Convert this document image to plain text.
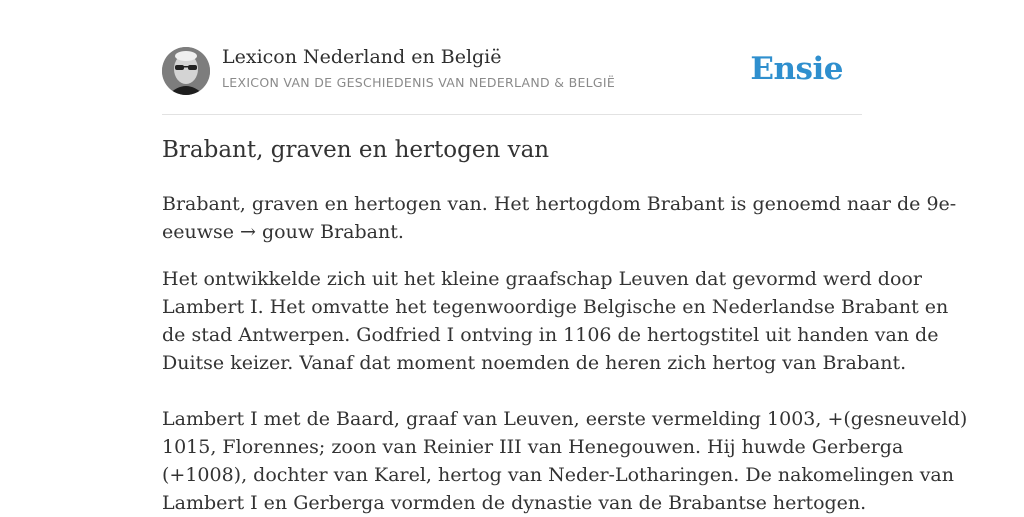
Lexicon Nederland en België
LEXICON VAN DE GESCHIEDENIS VAN NEDERLAND & BELGIË	Ensie
Brabant, graven en hertogen van

Brabant, graven en hertogen van. Het hertogdom Brabant is genoemd naar de 9e-
eeuwse → gouw Brabant.

Het ontwikkelde zich uit het kleine graafschap Leuven dat gevormd werd door
Lambert I. Het omvatte het tegenwoordige Belgische en Nederlandse Brabant en
de stad Antwerpen. Godfried I ontving in 1106 de hertogstitel uit handen van de
Duitse keizer. Vanaf dat moment noemden de heren zich hertog van Brabant.

Lambert I met de Baard, graaf van Leuven, eerste vermelding 1003, +(gesneuveld)
1015, Florennes; zoon van Reinier III van Henegouwen. Hij huwde Gerberga
(+1008), dochter van Karel, hertog van Neder-Lotharingen. De nakomelingen van
Lambert I en Gerberga vormden de dynastie van de Brabantse hertogen.
